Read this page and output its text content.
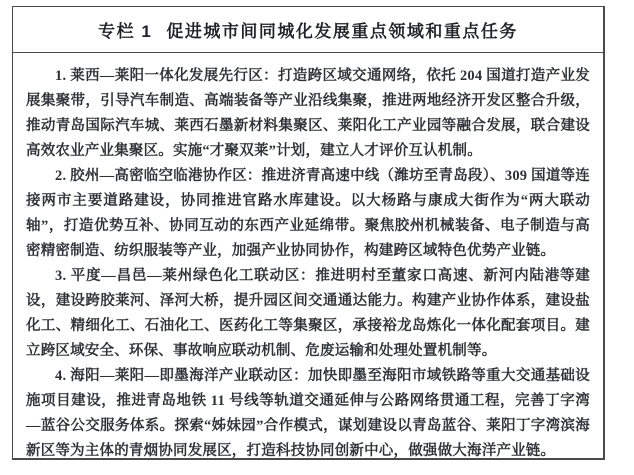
专栏 1 促进城市间同城化发展重点领域和重点任务

1. 莱西—莱阳一体化发展先行区：打造跨区域交通网络，依托 204 国道打造产业发展集聚带，引导汽车制造、高端装备等产业沿线集聚，推进两地经济开发区整合升级，推动青岛国际汽车城、莱西石墨新材料集聚区、莱阳化工产业园等融合发展，联合建设高效农业产业集聚区。实施“才聚双莱”计划，建立人才评价互认机制。

2. 胶州—高密临空临港协作区：推进济青高速中线（潍坊至青岛段）、309 国道等连接两市主要道路建设，协同推进官路水库建设。以大杨路与康成大街作为“两大联动轴”，打造优势互补、协同互动的东西产业延绵带。聚焦胶州机械装备、电子制造与高密精密制造、纺织服装等产业，加强产业协同协作，构建跨区域特色优势产业链。

3. 平度—昌邑—莱州绿色化工联动区：推进明村至董家口高速、新河内陆港等建设，建设跨胶莱河、泽河大桥，提升园区间交通通达能力。构建产业协作体系，建设盐化工、精细化工、石油化工、医药化工等集聚区，承接裕龙岛炼化一体化配套项目。建立跨区域安全、环保、事故响应联动机制、危废运输和处理处置机制等。

4. 海阳—莱阳—即墨海洋产业联动区：加快即墨至海阳市域铁路等重大交通基础设施项目建设，推进青岛地铁 11 号线等轨道交通延伸与公路网络贯通工程，完善丁字湾—蓝谷公交服务体系。探索“姊妹园”合作模式，谋划建设以青岛蓝谷、莱阳丁字湾滨海新区等为主体的青烟协同发展区，打造科技协同创新中心，做强做大海洋产业链。
